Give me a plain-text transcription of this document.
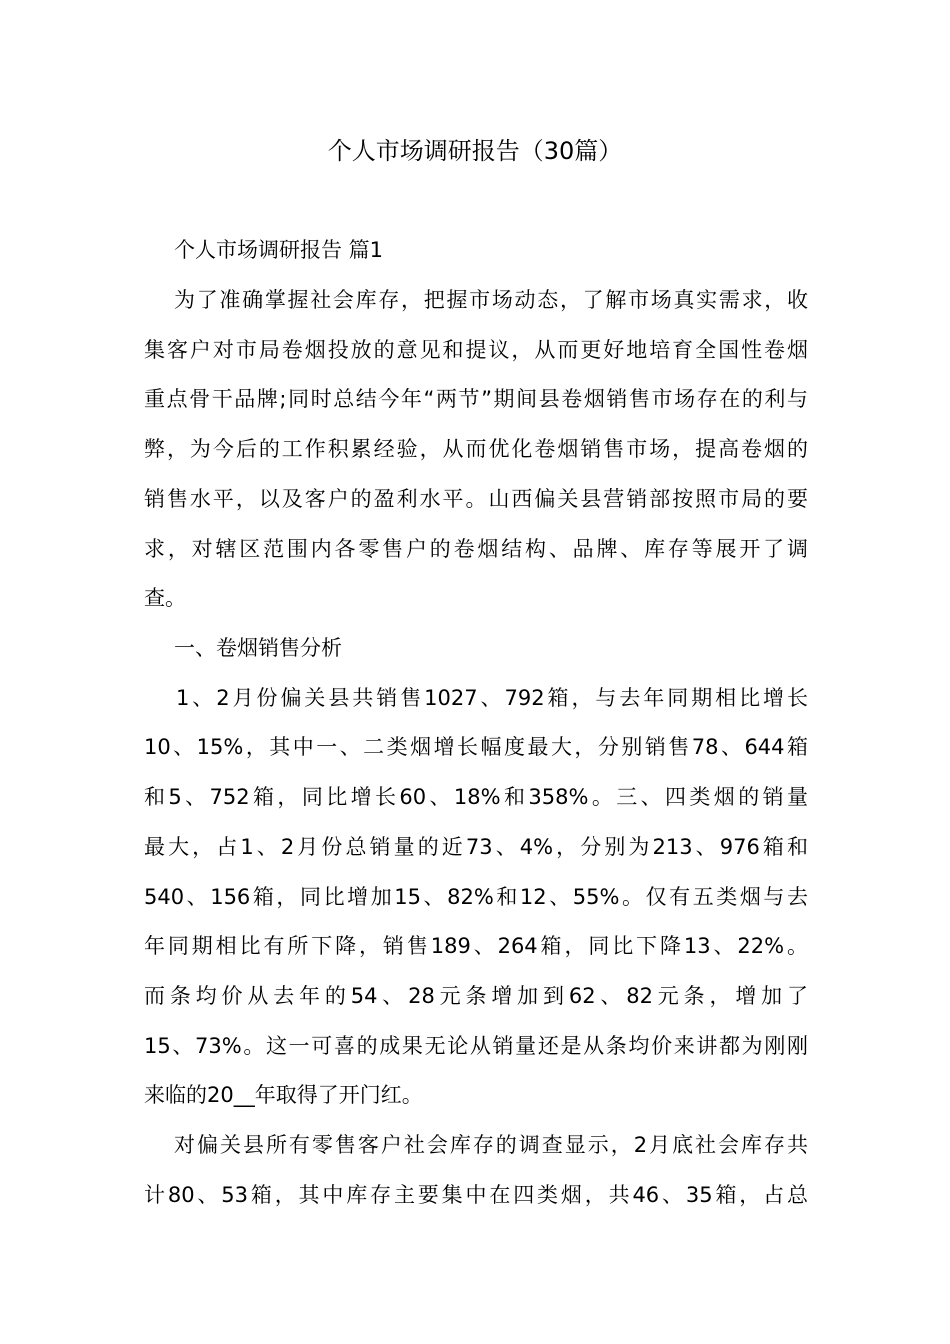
个人市场调研报告（30篇）
个人市场调研报告 篇1
为了准确掌握社会库存，把握市场动态，了解市场真实需求，收
集客户对市局卷烟投放的意见和提议，从而更好地培育全国性卷烟
重点骨干品牌;同时总结今年“两节”期间县卷烟销售市场存在的利与
弊，为今后的工作积累经验，从而优化卷烟销售市场，提高卷烟的
销售水平，以及客户的盈利水平。山西偏关县营销部按照市局的要
求，对辖区范围内各零售户的卷烟结构、品牌、库存等展开了调
查。
一、卷烟销售分析
1、2月份偏关县共销售1027、792箱，与去年同期相比增长
10、15%，其中一、二类烟增长幅度最大，分别销售78、644箱
和5、752箱，同比增长60、18%和358%。三、四类烟的销量
最大，占1、2月份总销量的近73、4%，分别为213、976箱和
540、156箱，同比增加15、82%和12、55%。仅有五类烟与去
年同期相比有所下降，销售189、264箱，同比下降13、22%。
而条均价从去年的54、28元条增加到62、82元条，增加了
15、73%。这一可喜的成果无论从销量还是从条均价来讲都为刚刚
来临的20__年取得了开门红。
对偏关县所有零售客户社会库存的调查显示，2月底社会库存共
计80、53箱，其中库存主要集中在四类烟，共46、35箱，占总
